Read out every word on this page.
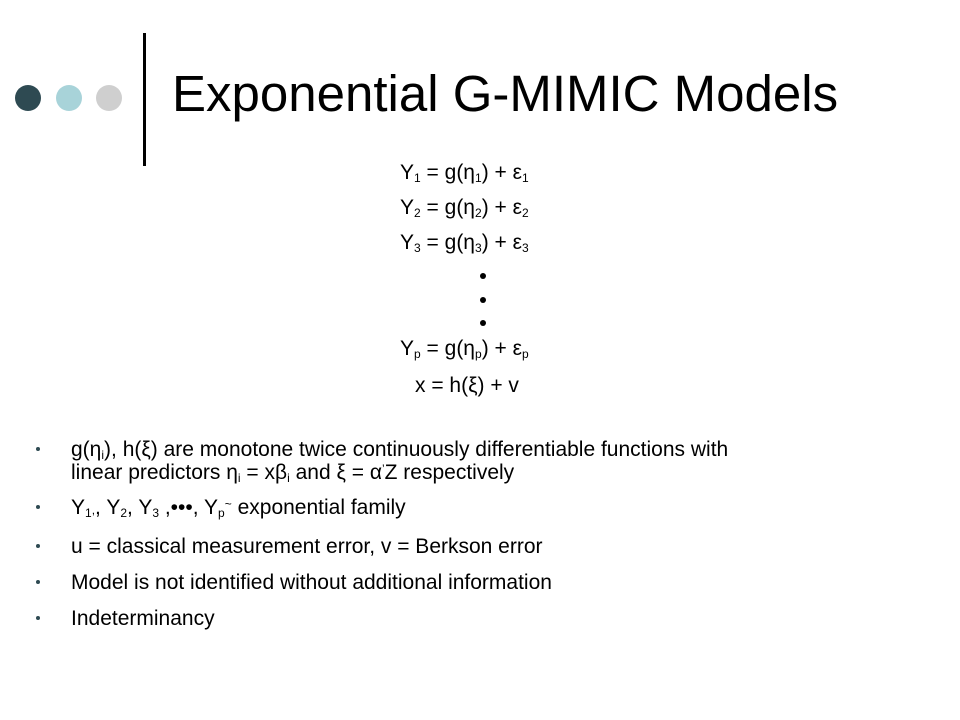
Exponential G-MIMIC Models
$Y_1 = g(\eta_1) + \varepsilon_1$
$Y_2 = g(\eta_2) + \varepsilon_2$
$Y_3 = g(\eta_3) + \varepsilon_3$
$Y_p = g(\eta_p) + \varepsilon_p$
x = h(ξ) + v
$g(\eta_i)$, h(ξ) are monotone twice continuously differentiable functions with
linear predictors $\eta_i = x\beta_i$ and ξ = α’Z respectively
$Y_1$,, $Y_2$, $Y_3$ ,•••, $Y_p^\sim$ exponential family
u = classical measurement error, v = Berkson error
Model is not identified without additional information
Indeterminancy
